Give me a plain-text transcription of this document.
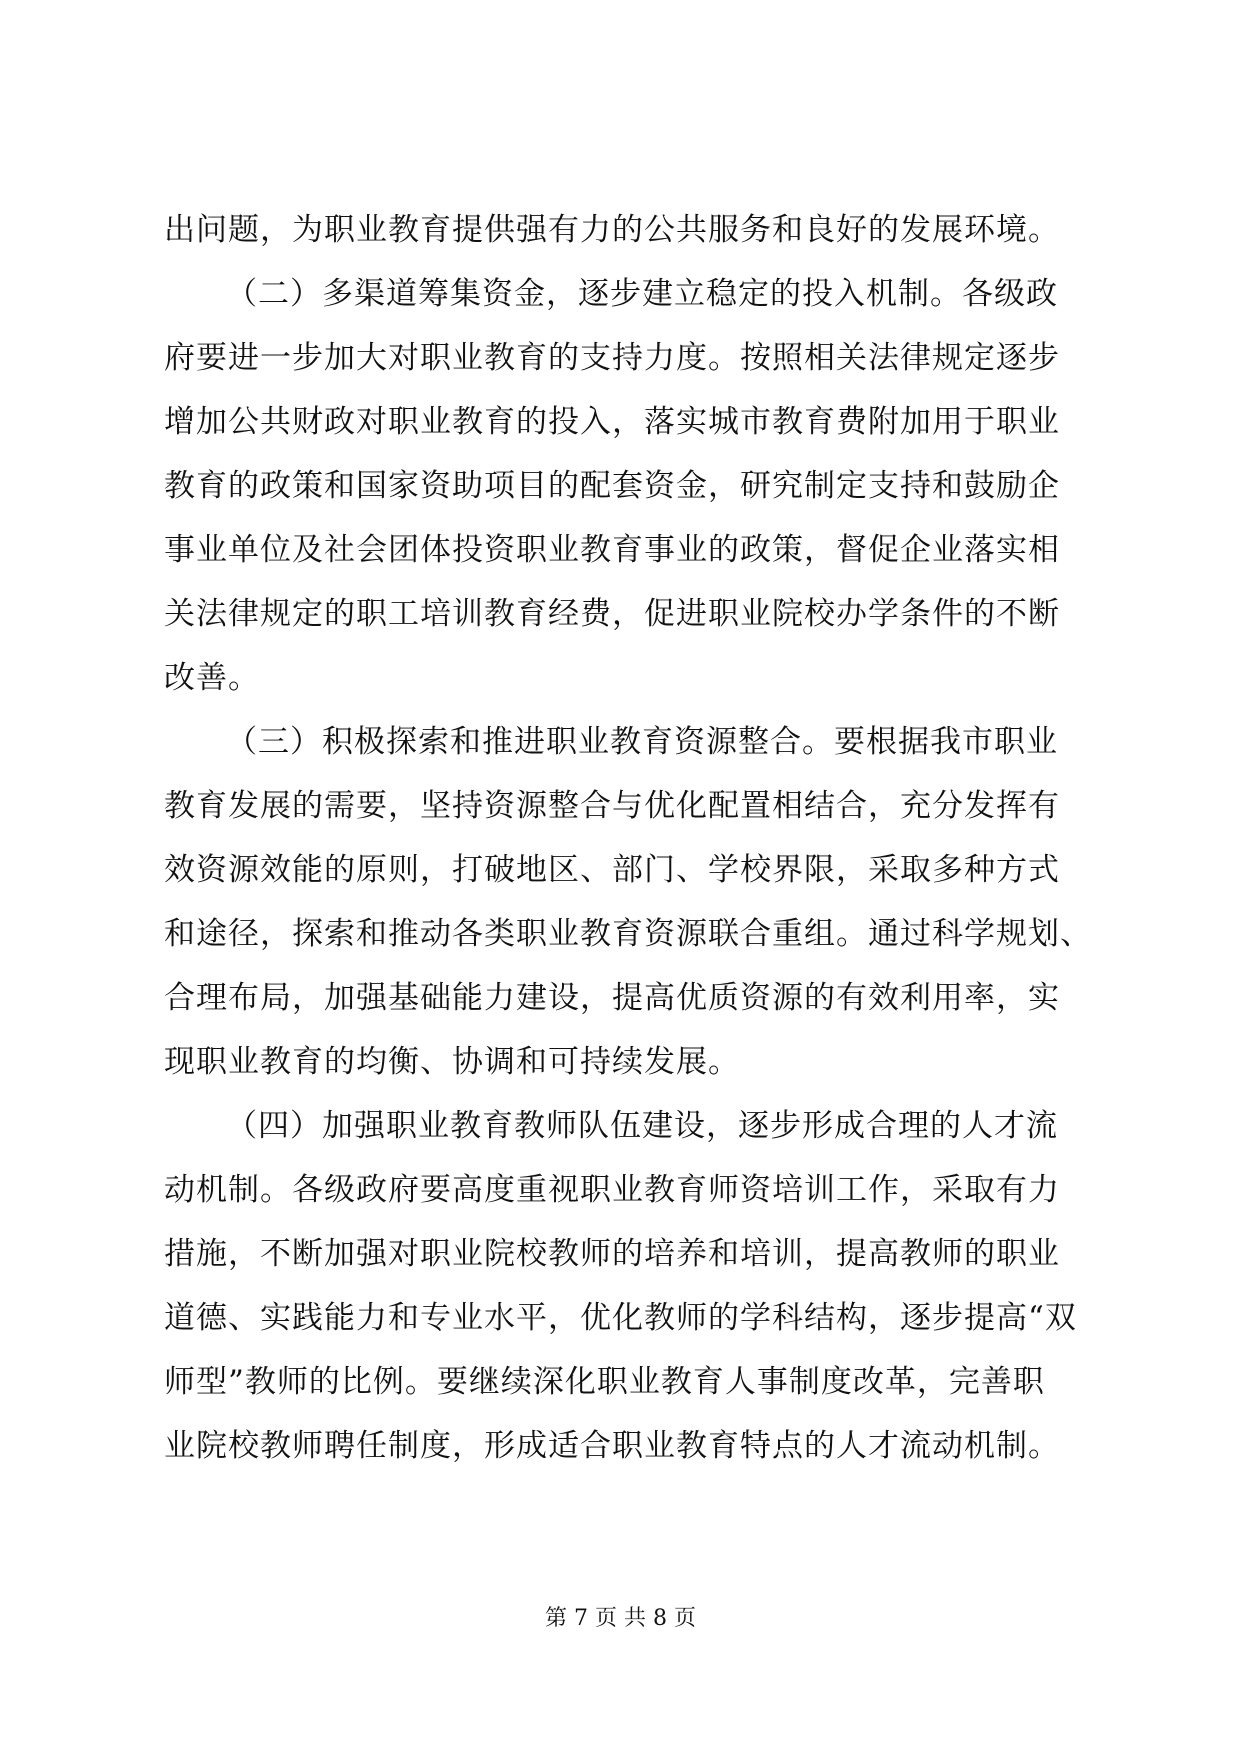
出问题，为职业教育提供强有力的公共服务和良好的发展环境。
（二）多渠道筹集资金，逐步建立稳定的投入机制。各级政
府要进一步加大对职业教育的支持力度。按照相关法律规定逐步
增加公共财政对职业教育的投入，落实城市教育费附加用于职业
教育的政策和国家资助项目的配套资金，研究制定支持和鼓励企
事业单位及社会团体投资职业教育事业的政策，督促企业落实相
关法律规定的职工培训教育经费，促进职业院校办学条件的不断
改善。
（三）积极探索和推进职业教育资源整合。要根据我市职业
教育发展的需要，坚持资源整合与优化配置相结合，充分发挥有
效资源效能的原则，打破地区、部门、学校界限，采取多种方式
和途径，探索和推动各类职业教育资源联合重组。通过科学规划、
合理布局，加强基础能力建设，提高优质资源的有效利用率，实
现职业教育的均衡、协调和可持续发展。
（四）加强职业教育教师队伍建设，逐步形成合理的人才流
动机制。各级政府要高度重视职业教育师资培训工作，采取有力
措施，不断加强对职业院校教师的培养和培训，提高教师的职业
道德、实践能力和专业水平，优化教师的学科结构，逐步提高“双
师型”教师的比例。要继续深化职业教育人事制度改革，完善职
业院校教师聘任制度，形成适合职业教育特点的人才流动机制。
第 7 页 共 8 页
